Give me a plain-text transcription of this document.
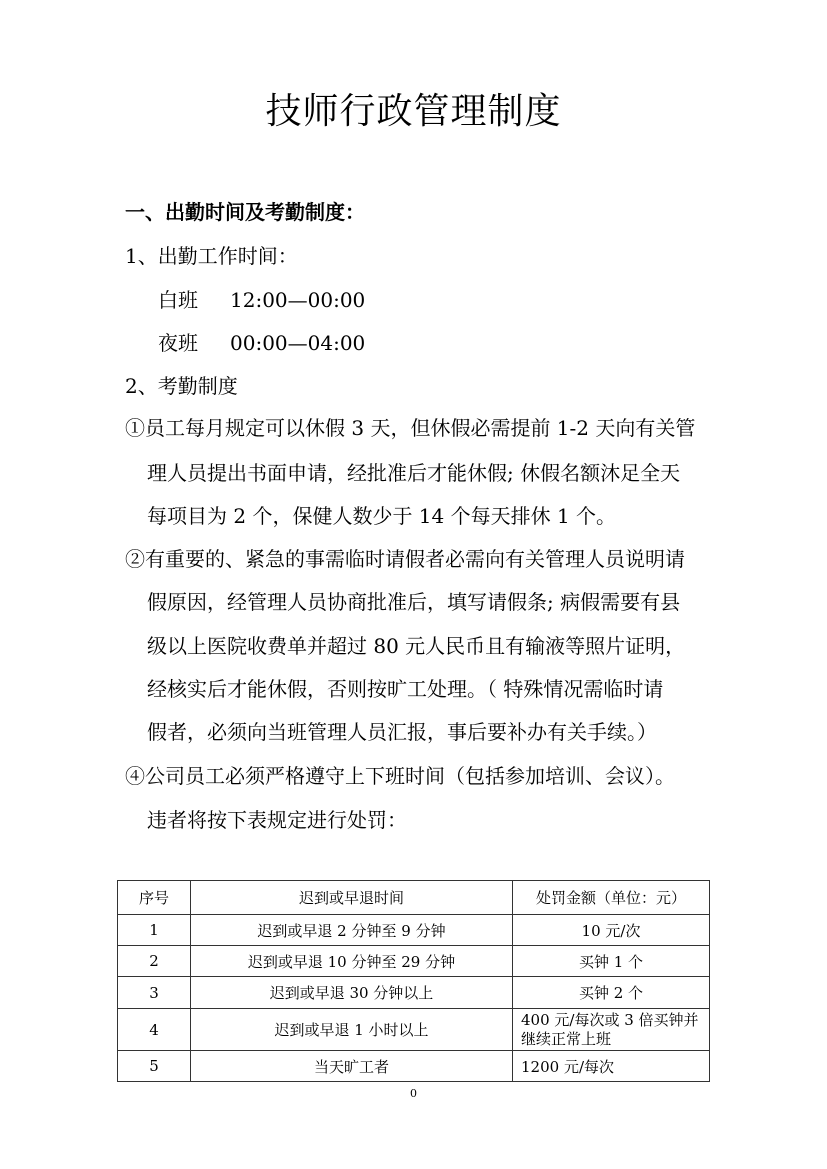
技师行政管理制度
一、出勤时间及考勤制度：
1、出勤工作时间：
白班 12:00—00:00
夜班 00:00—04:00
2、考勤制度
①员工每月规定可以休假 3 天，但休假必需提前 1-2 天向有关管
理人员提出书面申请，经批准后才能休假; 休假名额沐足全天
每项目为 2 个，保健人数少于 14 个每天排休 1 个。
②有重要的、紧急的事需临时请假者必需向有关管理人员说明请
假原因，经管理人员协商批准后，填写请假条; 病假需要有县
级以上医院收费单并超过 80 元人民币且有输液等照片证明，
经核实后才能休假，否则按旷工处理。（ 特殊情况需临时请
假者，必须向当班管理人员汇报，事后要补办有关手续。）
④公司员工必须严格遵守上下班时间（包括参加培训、会议）。
违者将按下表规定进行处罚：
序号	迟到或早退时间	处罚金额（单位：元）
1	迟到或早退 2 分钟至 9 分钟	10 元/次
2	迟到或早退 10 分钟至 29 分钟	买钟 1 个
3	迟到或早退 30 分钟以上	买钟 2 个
4	迟到或早退 1 小时以上	400 元/每次或 3 倍买钟并
继续正常上班

5	当天旷工者	1200 元/每次
0
